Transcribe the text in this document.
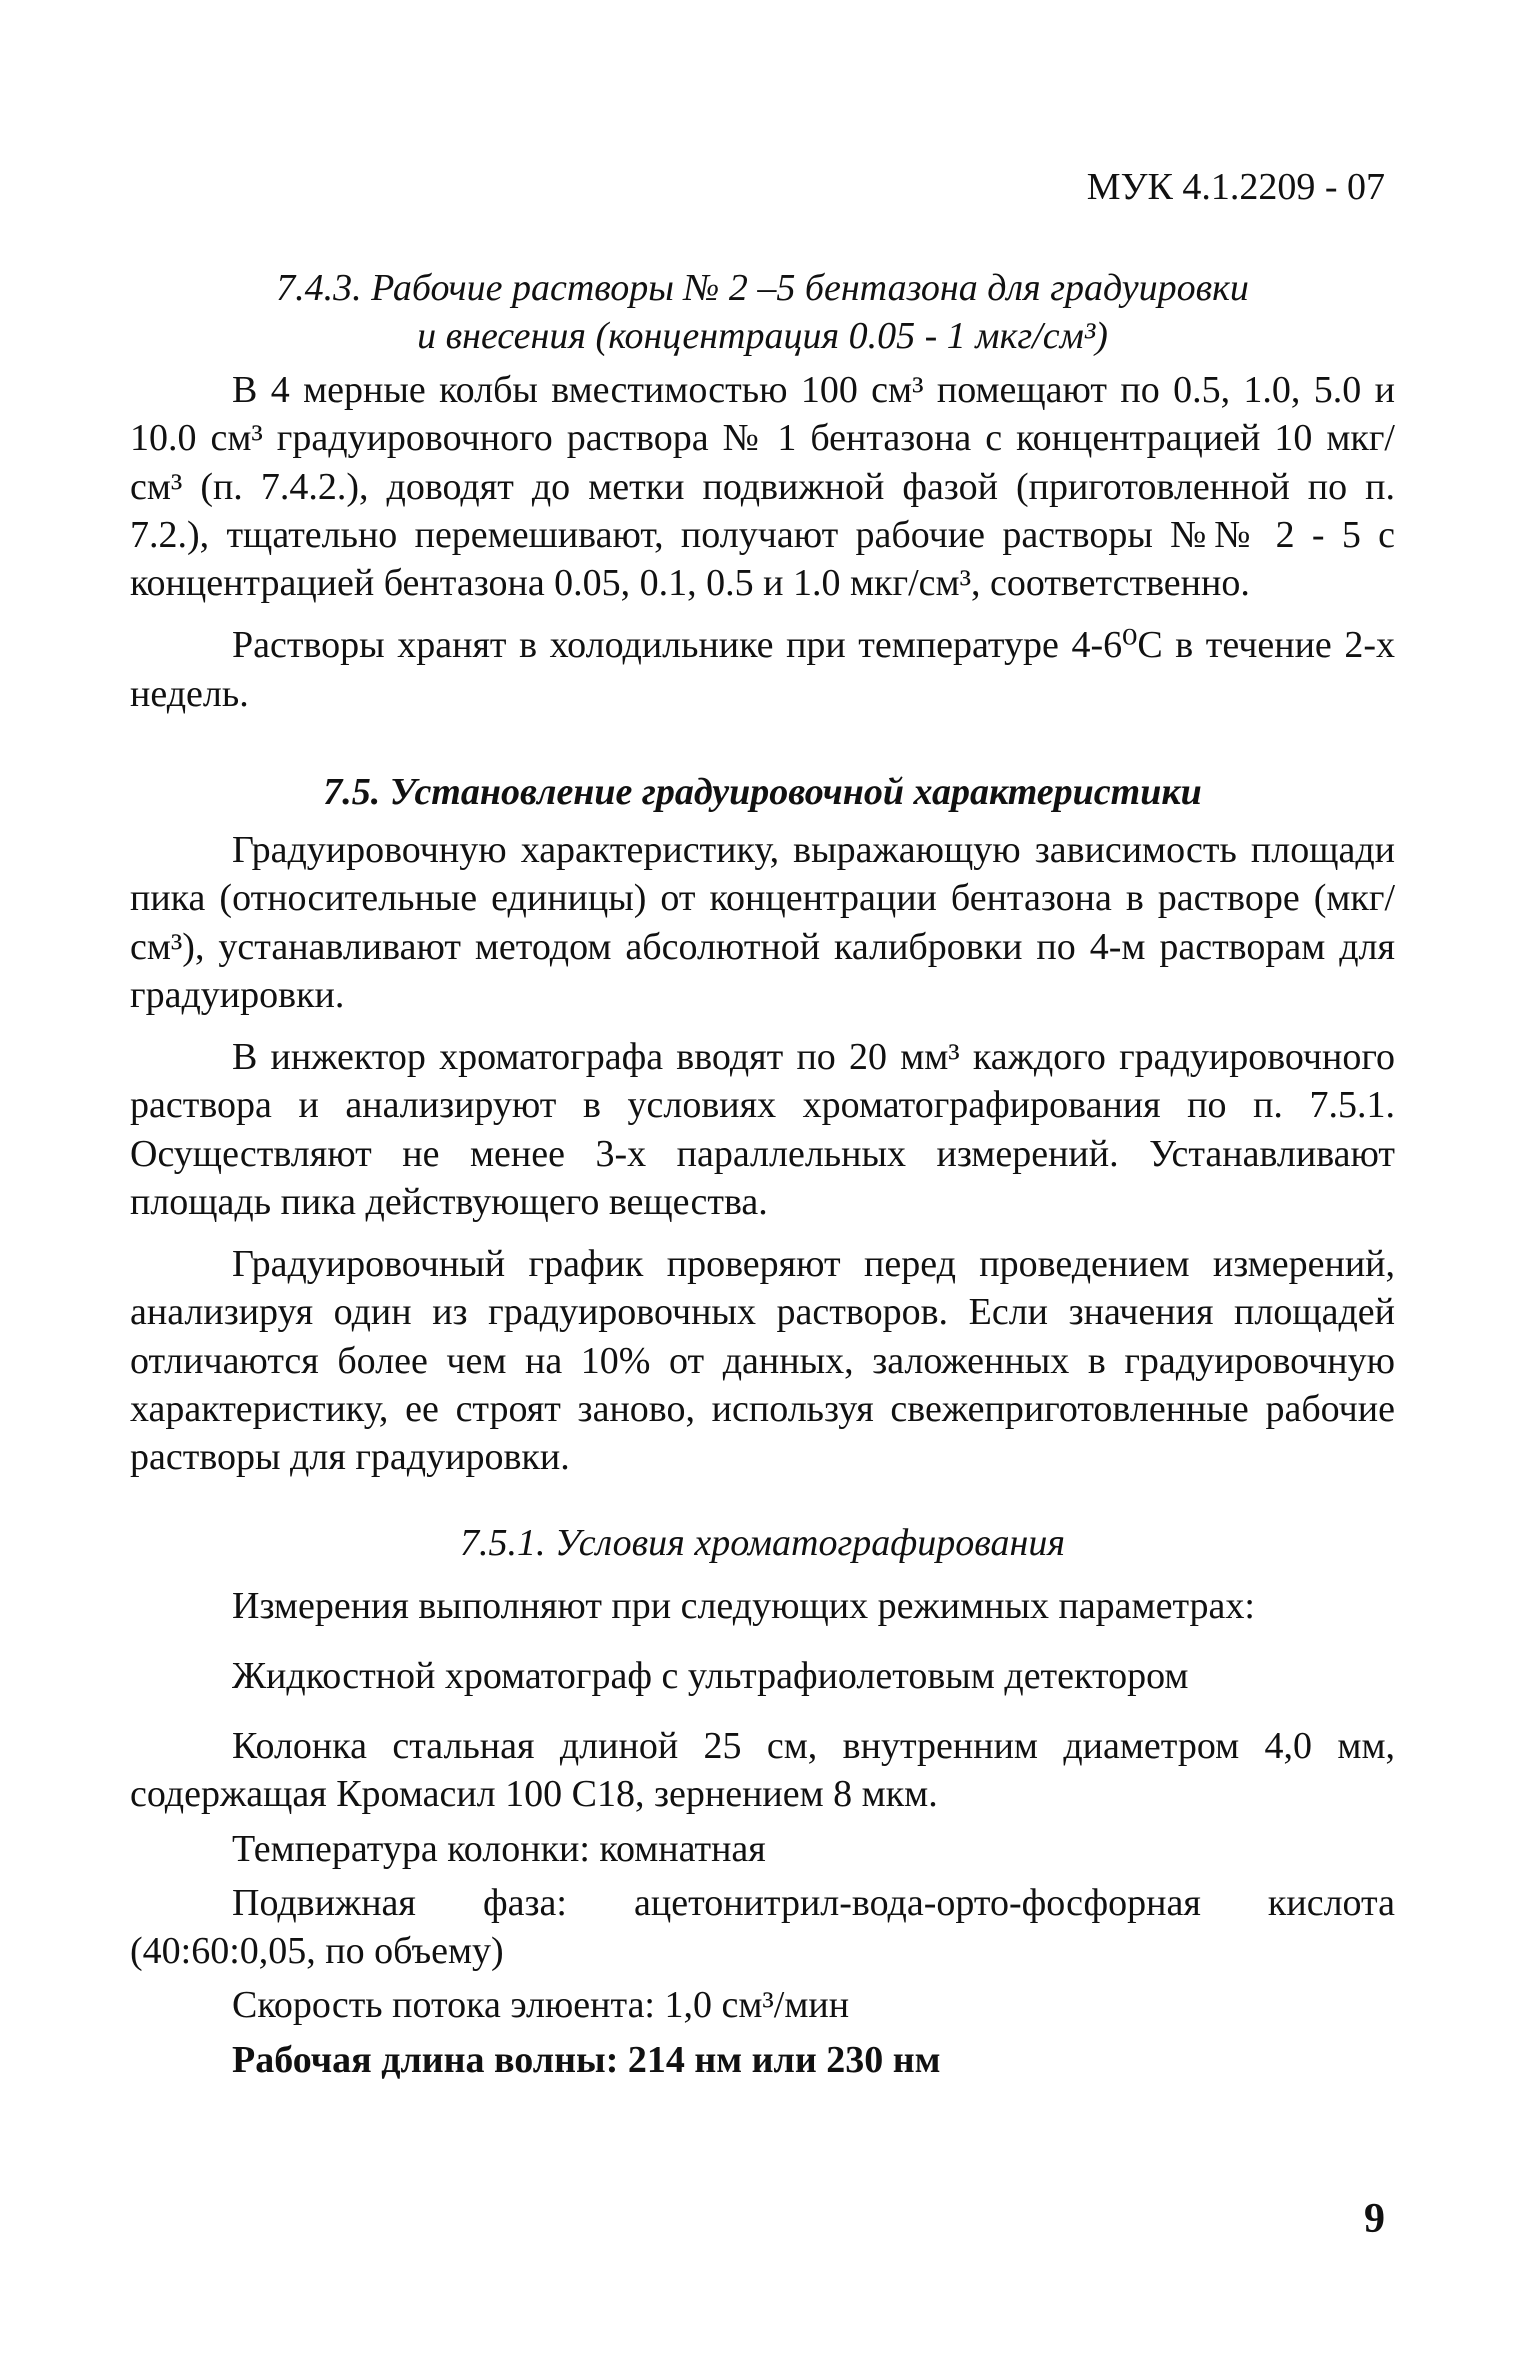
МУК 4.1.2209 - 07
7.4.3. Рабочие растворы № 2 –5 бентазона для градуировки
и внесения (концентрация 0.05 - 1 мкг/см³)

В 4 мерные колбы вместимостью 100 см³ помещают по 0.5, 1.0, 5.0 и 10.0 см³ градуировочного раствора № 1 бентазона с концентрацией 10 мкг/см³ (п. 7.4.2.), доводят до метки подвижной фазой (приготовленной по п. 7.2.), тщательно перемешивают, получают рабочие растворы №№ 2 - 5 с концентрацией бентазона 0.05, 0.1, 0.5 и 1.0 мкг/см³, соответственно.

Растворы хранят в холодильнике при температуре 4-6⁰С в течение 2-х недель.

7.5. Установление градуировочной характеристики

Градуировочную характеристику, выражающую зависимость площади пика (относительные единицы) от концентрации бентазона в растворе (мкг/см³), устанавливают методом абсолютной калибровки по 4-м растворам для градуировки.

В инжектор хроматографа вводят по 20 мм³ каждого градуировочного раствора и анализируют в условиях хроматографирования по п. 7.5.1. Осуществляют не менее 3-х параллельных измерений. Устанавливают площадь пика действующего вещества.

Градуировочный график проверяют перед проведением измерений, анализируя один из градуировочных растворов. Если значения площадей отличаются более чем на 10% от данных, заложенных в градуировочную характеристику, ее строят заново, используя свежеприготовленные рабочие растворы для градуировки.

7.5.1. Условия хроматографирования

Измерения выполняют при следующих режимных параметрах:

Жидкостной хроматограф с ультрафиолетовым детектором

Колонка стальная длиной 25 см, внутренним диаметром 4,0 мм, содержащая Кромасил 100 С18, зернением 8 мкм.

Температура колонки: комнатная

Подвижная фаза: ацетонитрил-вода-орто-фосфорная кислота (40:60:0,05, по объему)

Скорость потока элюента: 1,0 см³/мин

Рабочая длина волны: 214 нм или 230 нм

9
